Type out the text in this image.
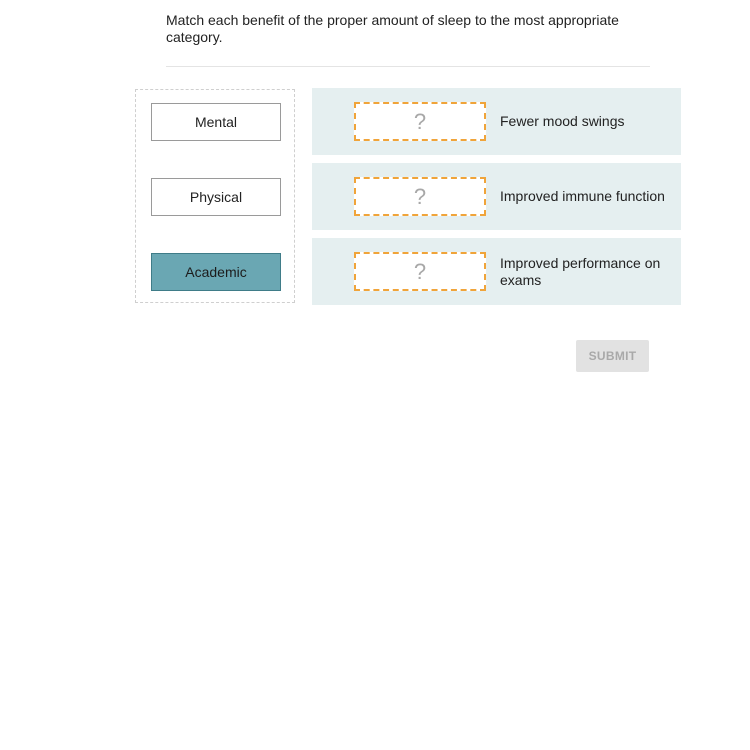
Match each benefit of the proper amount of sleep to the most appropriate category.
Mental
Physical
Academic
?	Fewer mood swings
?	Improved immune function
?	Improved performance on exams
SUBMIT
